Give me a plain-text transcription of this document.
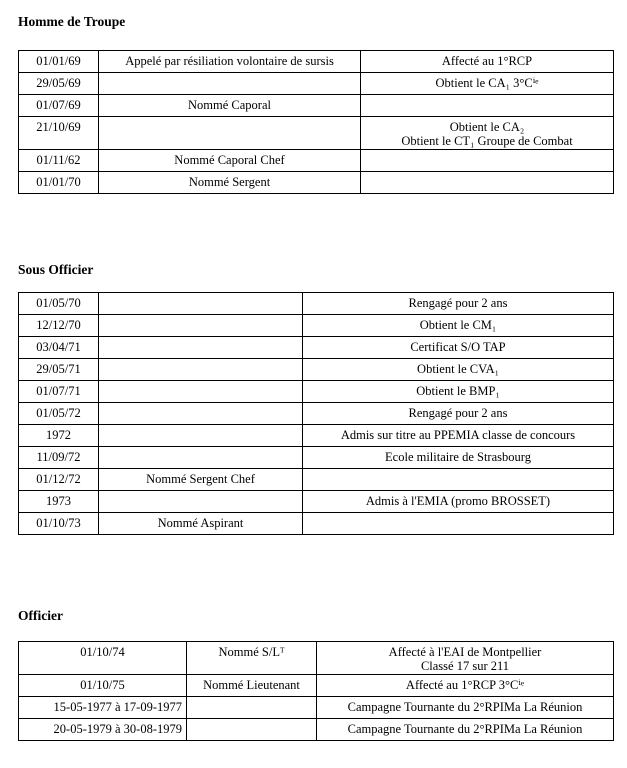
Homme de Troupe
01/01/69	Appelé par résiliation volontaire de sursis	Affecté au 1°RCP
29/05/69		Obtient le CA₁ 3°Cⁱᵉ
01/07/69	Nommé Caporal	
21/10/69		Obtient le CA₂
Obtient le CT₁ Groupe de Combat

01/11/62	Nommé Caporal Chef	
01/01/70	Nommé Sergent	
Sous Officier
01/05/70		Rengagé pour 2 ans
12/12/70		Obtient le CM₁
03/04/71		Certificat S/O TAP
29/05/71		Obtient le CVA₁
01/07/71		Obtient le BMP₁
01/05/72		Rengagé pour 2 ans
1972		Admis sur titre au PPEMIA classe de concours
11/09/72		Ecole militaire de Strasbourg
01/12/72	Nommé Sergent Chef	
1973		Admis à l'EMIA (promo BROSSET)
01/10/73	Nommé Aspirant	
Officier
01/10/74	Nommé S/Lᵀ	Affecté à l'EAI de Montpellier
Classé 17 sur 211

01/10/75	Nommé Lieutenant	Affecté au 1°RCP 3°Cⁱᵉ
15-05-1977 à 17-09-1977		Campagne Tournante du 2°RPIMa La Réunion
20-05-1979 à 30-08-1979		Campagne Tournante du 2°RPIMa La Réunion
